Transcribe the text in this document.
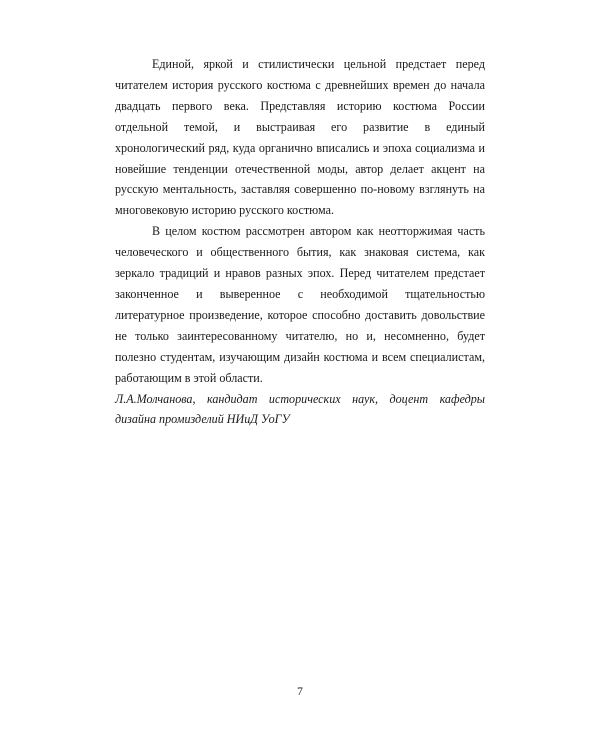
Единой, яркой и стилистически цельной предстает перед читателем история русского костюма с древнейших времен до начала двадцать первого века. Представляя историю костюма России отдельной темой, и выстраивая его развитие в единый хронологический ряд, куда органично вписались и эпоха социализма и новейшие тенденции отечественной моды, автор делает акцент на русскую ментальность, заставляя совершенно по-новому взглянуть на многовековую историю русского костюма.

В целом костюм рассмотрен автором как неотторжимая часть человеческого и общественного бытия, как знаковая система, как зеркало традиций и нравов разных эпох. Перед читателем предстает законченное и выверенное с необходимой тщательностью литературное произведение, которое способно доставить довольствие не только заинтересованному читателю, но и, несомненно, будет полезно студентам, изучающим дизайн костюма и всем специалистам, работающим в этой области.

Л.А.Молчанова, кандидат исторических наук, доцент кафедры дизайна промизделий НИиД УоГУ

7
